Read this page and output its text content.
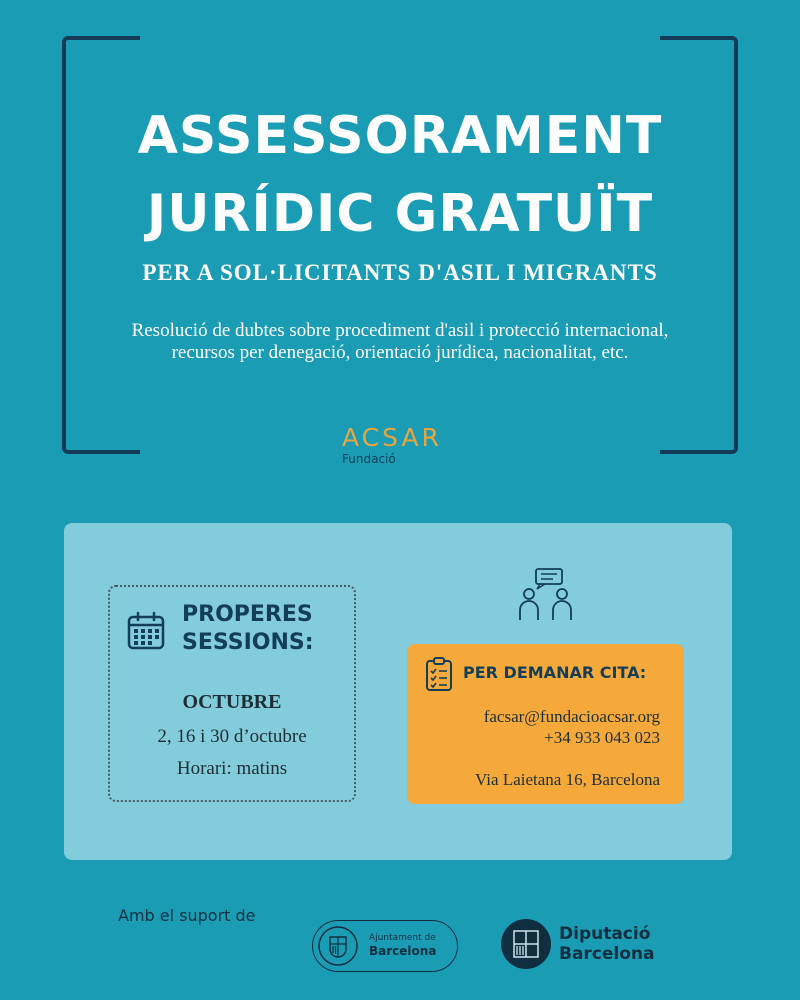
ASSESSORAMENT
JURÍDIC GRATUÏT
PER A SOL·LICITANTS D'ASIL I MIGRANTS
Resolució de dubtes sobre procediment d'asil i protecció internacional, recursos per denegació, orientació jurídica, nacionalitat, etc.
ACSAR
Fundació
PROPERES
SESSIONS:
OCTUBRE
2, 16 i 30 d’octubre
Horari: matins
PER DEMANAR CITA:
facsar@fundacioacsar.org
+34 933 043 023
Via Laietana 16, Barcelona
Amb el suport de
Ajuntament de
Barcelona
Diputació
Barcelona
